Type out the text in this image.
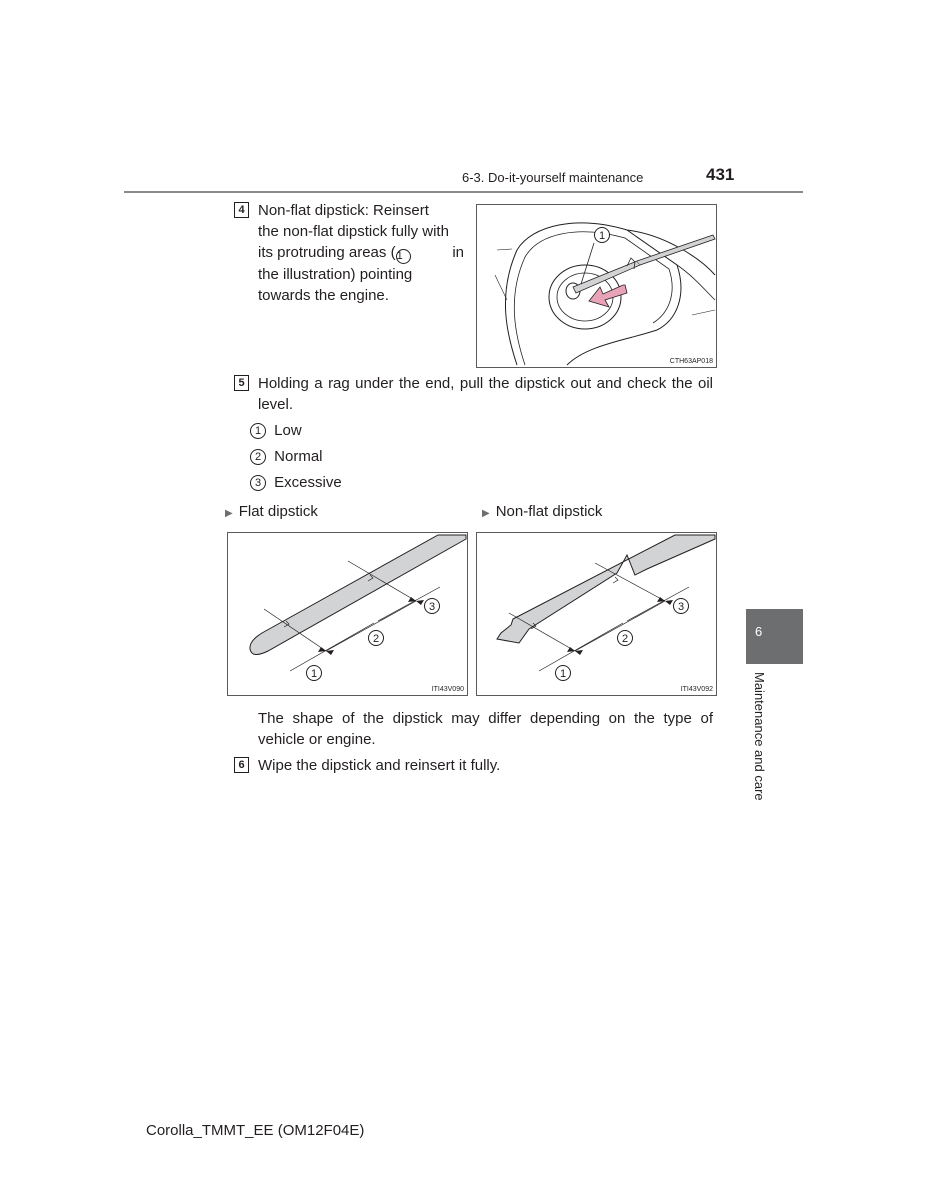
6-3. Do-it-yourself maintenance	431
4 Non-flat dipstick: Reinsert
the non-flat dipstick fully with
its protruding areas (1	in
the illustration) pointing
towards the engine.
1
CTH63AP018
5 Holding a rag under the end, pull the dipstick out and check the oil level.
1 Low
2 Normal
3 Excessive
▶ Flat dipstick	▶ Non-flat dipstick
3
2
1
ITI43V090
3
2
1
ITI43V092
The shape of the dipstick may differ depending on the type of vehicle or engine.
6 Wipe the dipstick and reinsert it fully.
6
Maintenance and care
Corolla_TMMT_EE (OM12F04E)
